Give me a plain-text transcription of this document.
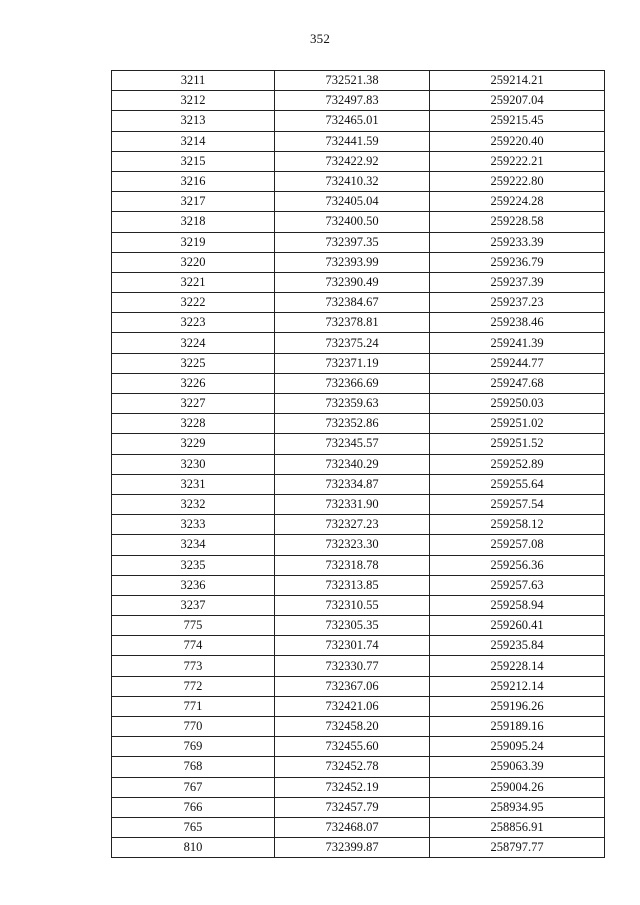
352
3211	732521.38	259214.21
3212	732497.83	259207.04
3213	732465.01	259215.45
3214	732441.59	259220.40
3215	732422.92	259222.21
3216	732410.32	259222.80
3217	732405.04	259224.28
3218	732400.50	259228.58
3219	732397.35	259233.39
3220	732393.99	259236.79
3221	732390.49	259237.39
3222	732384.67	259237.23
3223	732378.81	259238.46
3224	732375.24	259241.39
3225	732371.19	259244.77
3226	732366.69	259247.68
3227	732359.63	259250.03
3228	732352.86	259251.02
3229	732345.57	259251.52
3230	732340.29	259252.89
3231	732334.87	259255.64
3232	732331.90	259257.54
3233	732327.23	259258.12
3234	732323.30	259257.08
3235	732318.78	259256.36
3236	732313.85	259257.63
3237	732310.55	259258.94
775	732305.35	259260.41
774	732301.74	259235.84
773	732330.77	259228.14
772	732367.06	259212.14
771	732421.06	259196.26
770	732458.20	259189.16
769	732455.60	259095.24
768	732452.78	259063.39
767	732452.19	259004.26
766	732457.79	258934.95
765	732468.07	258856.91
810	732399.87	258797.77
